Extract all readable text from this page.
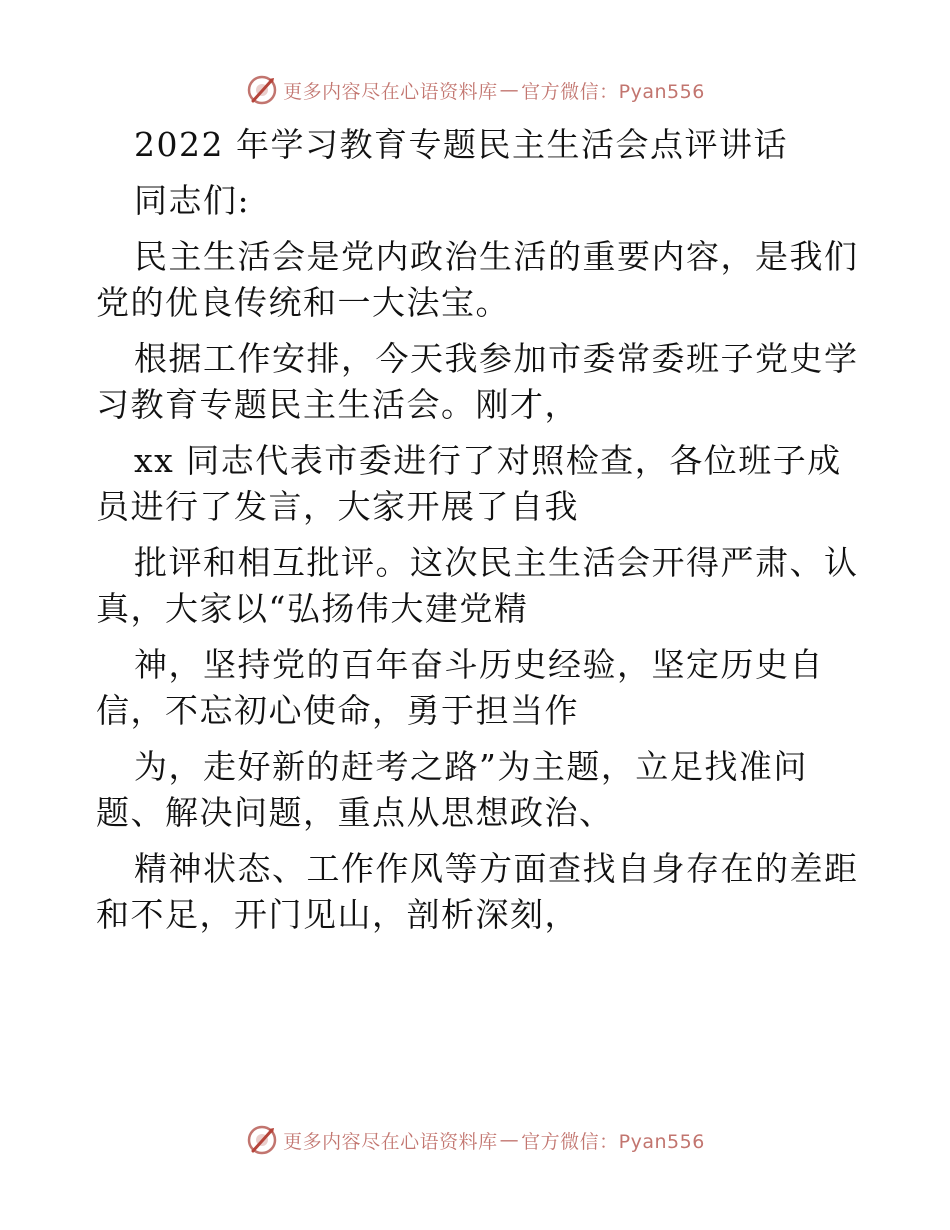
更多内容尽在心语资料库 — 官方微信：Pyan556
2022 年学习教育专题民主生活会点评讲话
同志们:
民主生活会是党内政治生活的重要内容，是我们
党的优良传统和一大法宝。
根据工作安排，今天我参加市委常委班子党史学
习教育专题民主生活会。刚才，
xx 同志代表市委进行了对照检查，各位班子成
员进行了发言，大家开展了自我
批评和相互批评。这次民主生活会开得严肃、认
真，大家以“弘扬伟大建党精
神，坚持党的百年奋斗历史经验，坚定历史自
信，不忘初心使命，勇于担当作
为，走好新的赶考之路”为主题，立足找准问
题、解决问题，重点从思想政治、
精神状态、工作作风等方面查找自身存在的差距
和不足，开门见山，剖析深刻，
更多内容尽在心语资料库 — 官方微信：Pyan556
